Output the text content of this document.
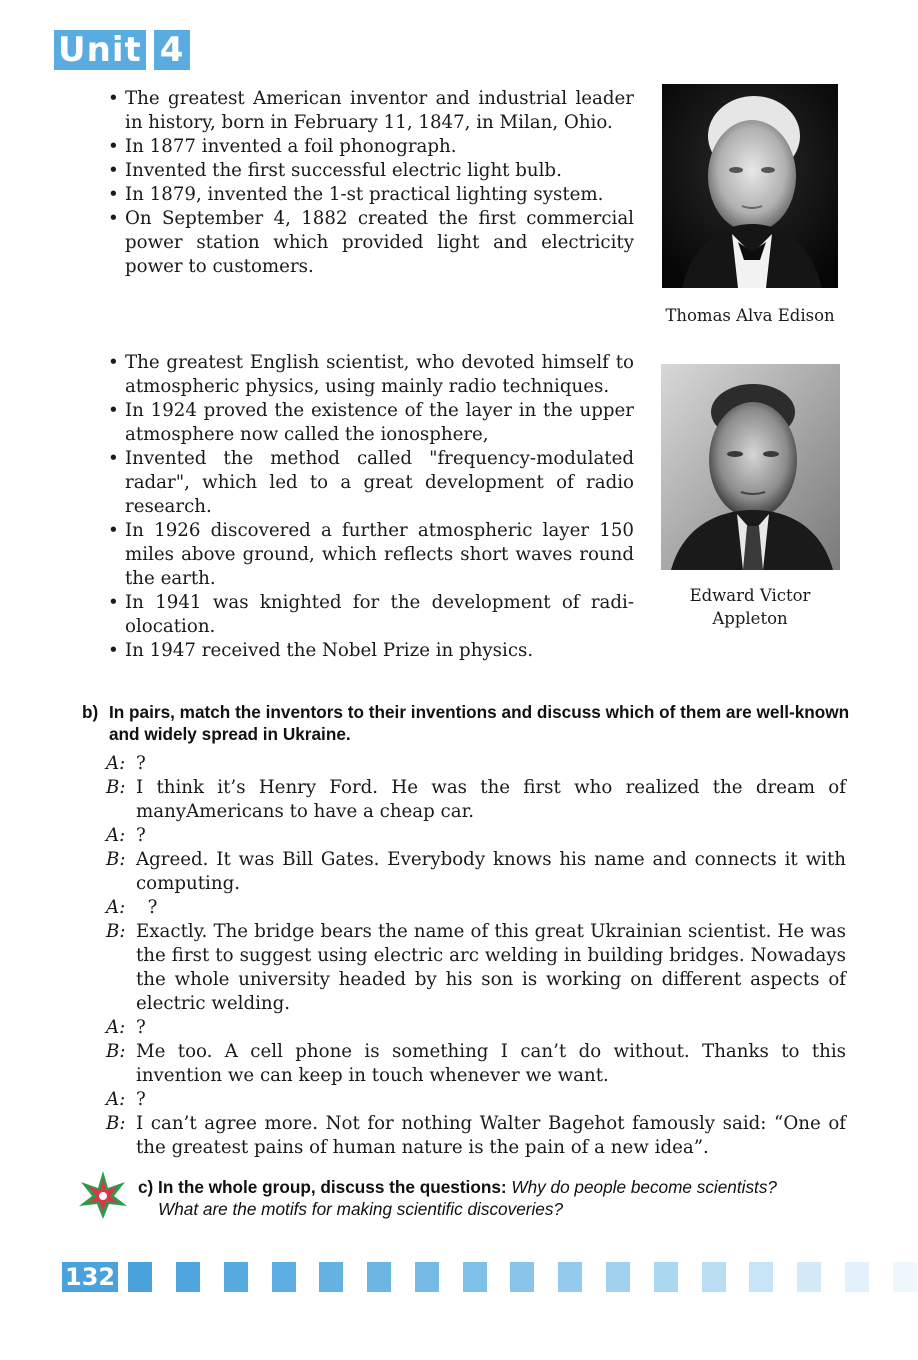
Unit 4
• The greatest American inventor and industrial leader in history, born in February 11, 1847, in Milan, Ohio.
• In 1877 invented a foil phonograph.
• Invented the first successful electric light bulb.
• In 1879, invented the 1-st practical lighting system.
• On September 4, 1882 created the first commercial power station which provided light and electricity power to customers.
Thomas Alva Edison
• The greatest English scientist, who devoted himself to atmospheric physics, using mainly radio techniques.
• In 1924 proved the existence of the layer in the upper atmosphere now called the ionosphere,
• Invented the method called "frequency-modulated radar", which led to a great development of radio research.
• In 1926 discovered a further atmospheric layer 150 miles above ground, which reflects short waves round the earth.
• In 1941 was knighted for the development of radiolocation.
• In 1947 received the Nobel Prize in physics.
Edward Victor
Appleton
b) In pairs, match the inventors to their inventions and discuss which of them are well-known and widely spread in Ukraine.
A: ?
B: I think it’s Henry Ford. He was the first who realized the dream of manyAmericans to have a cheap car.
A: ?
B: Agreed. It was Bill Gates. Everybody knows his name and connects it with computing.
A: ?
B: Exactly. The bridge bears the name of this great Ukrainian scientist. He was the first to suggest using electric arc welding in building bridges. Nowadays the whole university headed by his son is working on different aspects of electric welding.
A: ?
B: Me too. A cell phone is something I can’t do without. Thanks to this invention we can keep in touch whenever we want.
A: ?
B: I can’t agree more. Not for nothing Walter Bagehot famously said: “One of the greatest pains of human nature is the pain of a new idea”.
c) In the whole group, discuss the questions: Why do people become scientists?
What are the motifs for making scientific discoveries?
132
